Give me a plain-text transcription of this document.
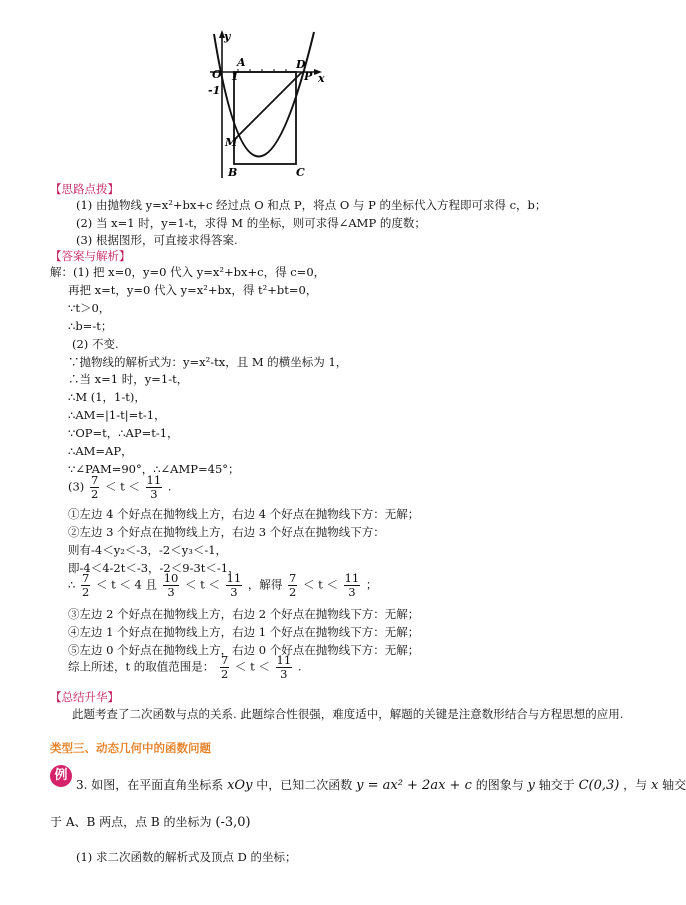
y
O
A
1
D
P x
-1
M
B	C
【思路点拨】
(1) 由抛物线 y=x²+bx+c 经过点 O 和点 P，将点 O 与 P 的坐标代入方程即可求得 c，b；
(2) 当 x=1 时，y=1-t，求得 M 的坐标，则可求得∠AMP 的度数；
(3) 根据图形，可直接求得答案.
【答案与解析】
解：(1) 把 x=0，y=0 代入 y=x²+bx+c，得 c=0，
再把 x=t，y=0 代入 y=x²+bx，得 t²+bt=0，
∵t＞0，
∴b=-t；
(2) 不变.
∵抛物线的解析式为：y=x²-tx，且 M 的横坐标为 1，
∴当 x=1 时，y=1-t，
∴M (1，1-t)，
∴AM=|1-t|=t-1，
∵OP=t，∴AP=t-1，
∴AM=AP，
∵∠PAM=90°，∴∠AMP=45°；
$(3) \frac{7}{2} < t < \frac{11}{3}$ .
①左边 4 个好点在抛物线上方，右边 4 个好点在抛物线下方：无解；
②左边 3 个好点在抛物线上方，右边 3 个好点在抛物线下方：
则有-4＜y₂＜-3，-2＜y₃＜-1，
即-4＜4-2t＜-3，-2＜9-3t＜-1，
∴ $\frac{7}{2} < t < 4$ 且 $\frac{10}{3} < t < \frac{11}{3}$ ，解得 $\frac{7}{2} < t < \frac{11}{3}$ ；
③左边 2 个好点在抛物线上方，右边 2 个好点在抛物线下方：无解；
④左边 1 个好点在抛物线上方，右边 1 个好点在抛物线下方：无解；
⑤左边 0 个好点在抛物线上方，右边 0 个好点在抛物线下方：无解；
综上所述，t 的取值范围是： $\frac{7}{2} < t < \frac{11}{3}$ .
【总结升华】
此题考查了二次函数与点的关系. 此题综合性很强，难度适中，解题的关键是注意数形结合与方程思想的应用.
类型三、动态几何中的函数问题
例
3. 如图，在平面直角坐标系 xOy 中，已知二次函数 y = ax² + 2ax + c 的图象与 y 轴交于 C(0,3) ，与 x 轴交
于 A、B 两点，点 B 的坐标为 (-3,0)
(1) 求二次函数的解析式及顶点 D 的坐标；
